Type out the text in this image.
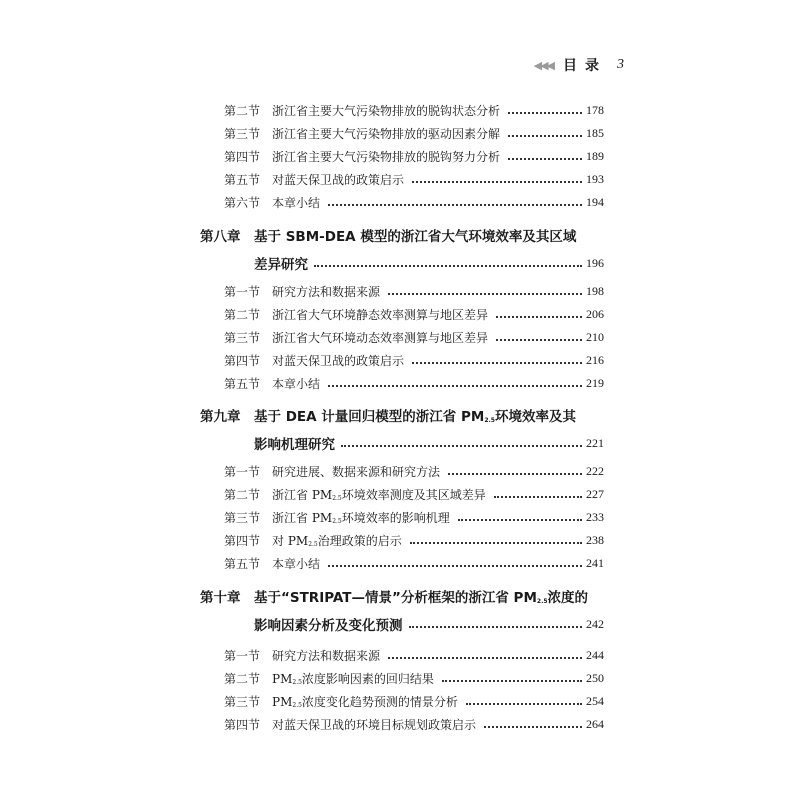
◀ ◀ ◀ 目录 3
第二节 浙江省主要大气污染物排放的脱钩状态分析	178
第三节 浙江省主要大气污染物排放的驱动因素分解	185
第四节 浙江省主要大气污染物排放的脱钩努力分析	189
第五节 对蓝天保卫战的政策启示	193
第六节 本章小结	194
第八章	基于 SBM-DEA 模型的浙江省大气环境效率及其区域
差异研究	196
第一节 研究方法和数据来源	198
第二节 浙江省大气环境静态效率测算与地区差异	206
第三节 浙江省大气环境动态效率测算与地区差异	210
第四节 对蓝天保卫战的政策启示	216
第五节 本章小结	219
第九章	基于 DEA 计量回归模型的浙江省 $PM_{2.5}$环境效率及其
影响机理研究	221
第一节 研究进展、数据来源和研究方法	222
第二节 浙江省 $PM_{2.5}$环境效率测度及其区域差异	227
第三节 浙江省 $PM_{2.5}$环境效率的影响机理	233
第四节 对 $PM_{2.5}$治理政策的启示	238
第五节 本章小结	241
第十章	基于“STRIPAT—情景”分析框架的浙江省 $PM_{2.5}$浓度的
影响因素分析及变化预测	242
第一节 研究方法和数据来源	244
第二节 $PM_{2.5}$浓度影响因素的回归结果	250
第三节 $PM_{2.5}$浓度变化趋势预测的情景分析	254
第四节 对蓝天保卫战的环境目标规划政策启示	264
